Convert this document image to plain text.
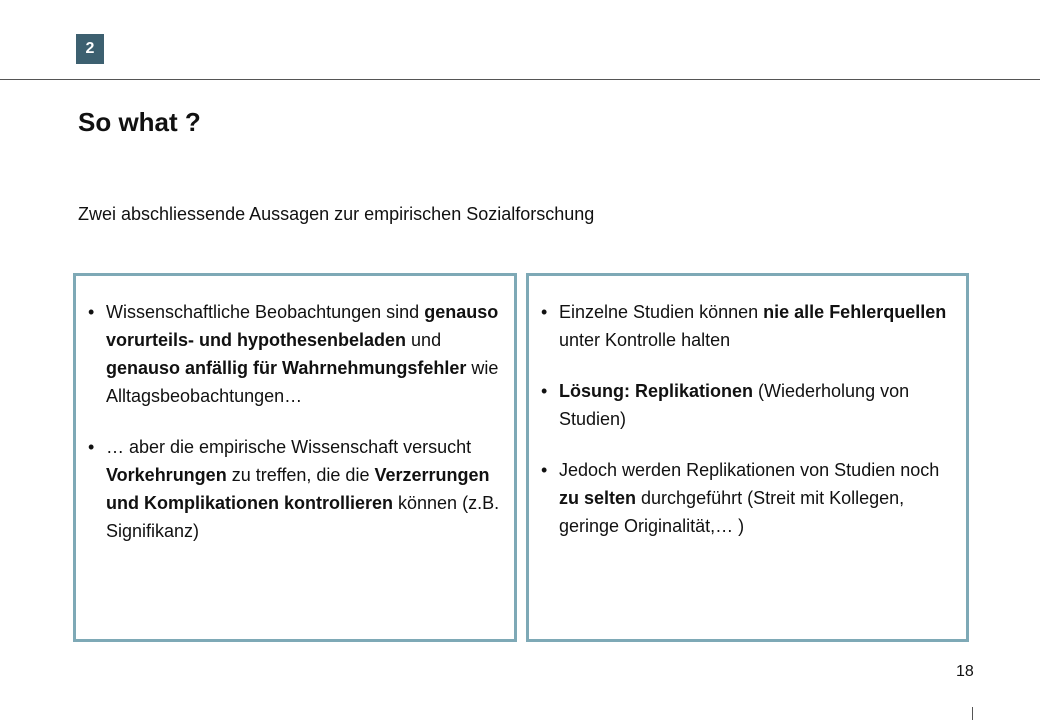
2
So what ?
Zwei abschliessende Aussagen zur empirischen Sozialforschung
• Wissenschaftliche Beobachtungen sind genauso vorurteils- und hypothesenbeladen und genauso anfällig für Wahrnehmungsfehler wie Alltagsbeobachtungen…
• … aber die empirische Wissenschaft versucht Vorkehrungen zu treffen, die die Verzerrungen und Komplikationen kontrollieren können (z.B. Signifikanz)
• Einzelne Studien können nie alle Fehlerquellen unter Kontrolle halten
• Lösung: Replikationen (Wiederholung von Studien)
• Jedoch werden Replikationen von Studien noch zu selten durchgeführt (Streit mit Kollegen, geringe Originalität,… )
18
